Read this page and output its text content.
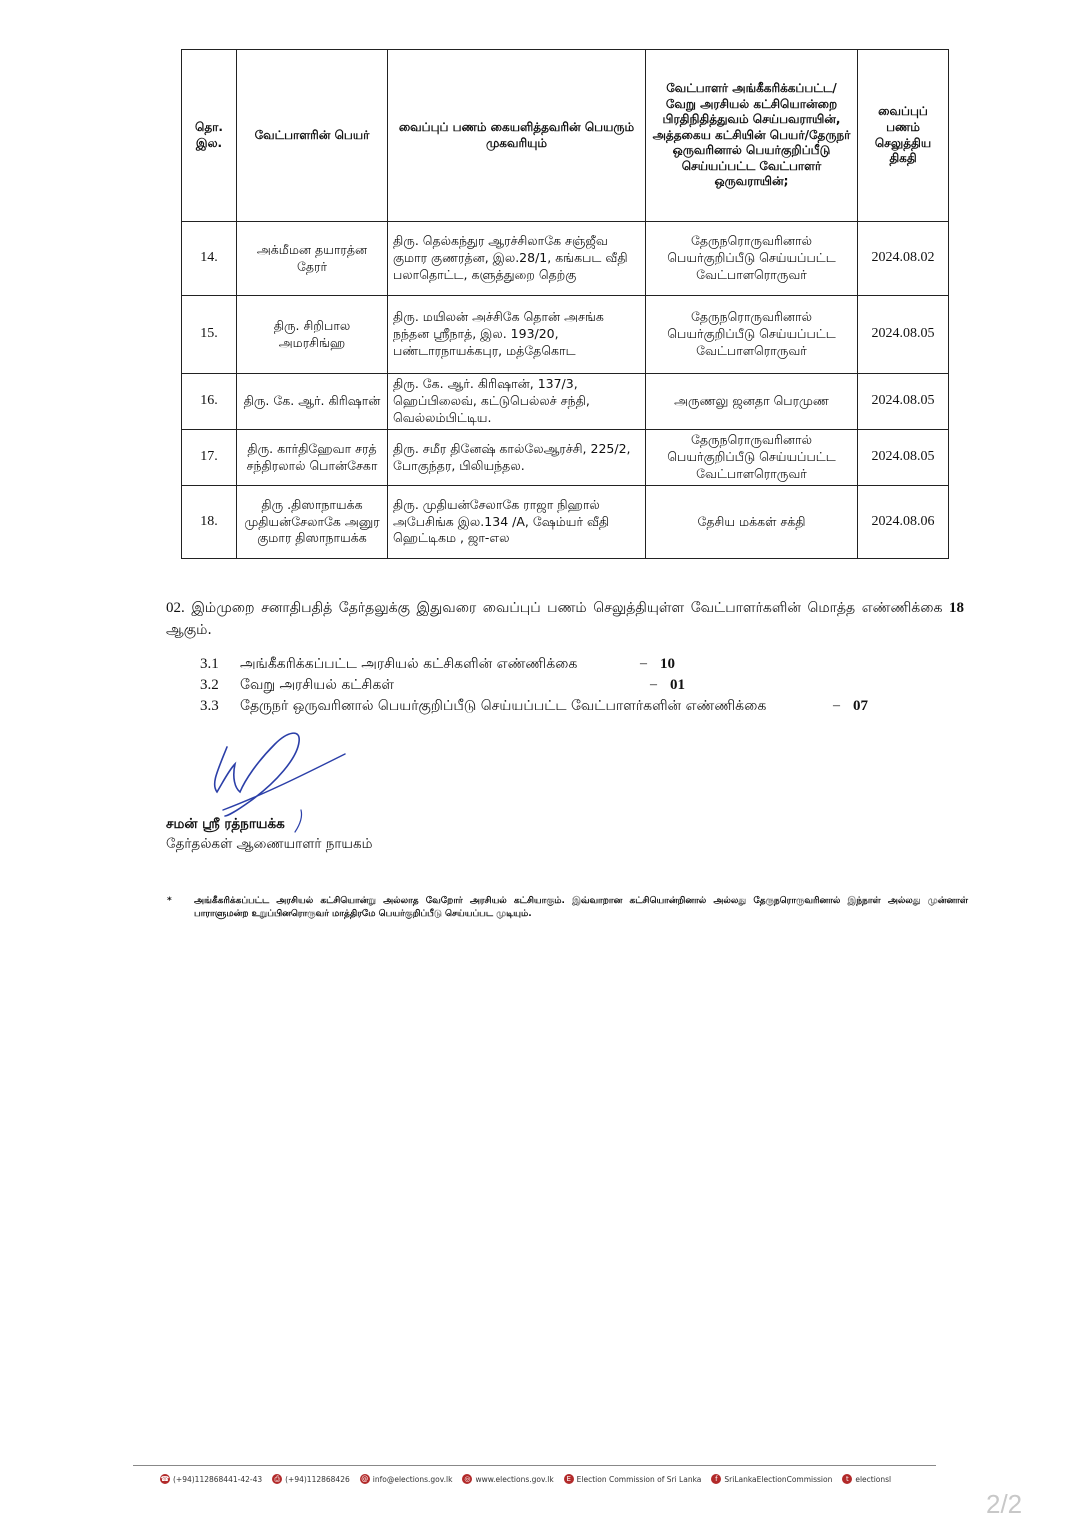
தொ. இல.	வேட்பாளரின் பெயர்	வைப்புப் பணம் கையளித்தவரின் பெயரும் முகவரியும்	வேட்பாளர் அங்கீகரிக்கப்பட்ட/ வேறு அரசியல் கட்சியொன்றை பிரதிநிதித்துவம் செய்பவராயின், அத்தகைய கட்சியின் பெயர்/தேருநர் ஒருவரினால் பெயர்குறிப்பீடு செய்யப்பட்ட வேட்பாளர் ஒருவராயின்;	வைப்புப் பணம் செலுத்திய திகதி
14.	அக்மீமன தயாரத்ன தேரர்	திரு. தெல்கந்துர ஆரச்சிலாகே சஞ்ஜீவ குமார குணரத்ன, இல.28/1, கங்கபட வீதி பலாதொட்ட, களுத்துறை தெற்கு	தேருநரொருவரினால் பெயர்குறிப்பீடு செய்யப்பட்ட வேட்பாளரொருவர்	2024.08.02
15.	திரு. சிறிபால அமரசிங்ஹ	திரு. மயிலன் அச்சிகே தொன் அசங்க நந்தன ஸ்ரீநாத், இல. 193/20, பண்டாரநாயக்கபுர, மத்தேகொட	தேருநரொருவரினால் பெயர்குறிப்பீடு செய்யப்பட்ட வேட்பாளரொருவர்	2024.08.05
16.	திரு. கே. ஆர். கிரிஷான்	திரு. கே. ஆர். கிரிஷான், 137/3, ஹெப்பிலைவ், கட்டுபெல்லச் சந்தி, வெல்லம்பிட்டிய.	அருணலு ஜனதா பெரமுண	2024.08.05
17.	திரு. கார்திஹேவா சரத் சந்திரலால் பொன்சேகா	திரு. சமீர தினேஷ் கால்லேஆரச்சி, 225/2, போகுந்தர, பிலியந்தல.	தேருநரொருவரினால் பெயர்குறிப்பீடு செய்யப்பட்ட வேட்பாளரொருவர்	2024.08.05
18.	திரு .திஸாநாயக்க முதியன்சேலாகே அனுர குமார திஸாநாயக்க	திரு. முதியன்சேலாகே ராஜா நிஹால் அபேசிங்க இல.134 /A, ஷேம்யர் வீதி ஹெட்டிகம , ஜா-எல	தேசிய மக்கள் சக்தி	2024.08.06
02. இம்முறை சனாதிபதித் தேர்தலுக்கு இதுவரை வைப்புப் பணம் செலுத்தியுள்ள வேட்பாளர்களின் மொத்த எண்ணிக்கை 18 ஆகும்.
3.1 அங்கீகரிக்கப்பட்ட அரசியல் கட்சிகளின் எண்ணிக்கை	– 10
3.2 வேறு அரசியல் கட்சிகள்	– 01
3.3 தேருநர் ஒருவரினால் பெயர்குறிப்பீடு செய்யப்பட்ட வேட்பாளர்களின் எண்ணிக்கை	– 07
சமன் ஸ்ரீ ரத்நாயக்க
தேர்தல்கள் ஆணையாளர் நாயகம்
* அங்கீகரிக்கப்பட்ட அரசியல் கட்சியொன்று அல்லாத வேறோர் அரசியல் கட்சியாகும். இவ்வாறான கட்சியொன்றினால் அல்லது தேருநரொருவரினால் இந்நாள் அல்லது முன்னாள் பாராளுமன்ற உறுப்பினரொருவர் மாத்திரமே பெயர்குறிப்பீடு செய்யப்பட முடியும்.
☎ (+94)112868441-42-43	⎙ (+94)112868426 @ info@elections.gov.lk ◎ www.elections.gov.lk	E Election Commission of Sri Lanka	f SriLankaElectionCommission	t electionsl
2/2
